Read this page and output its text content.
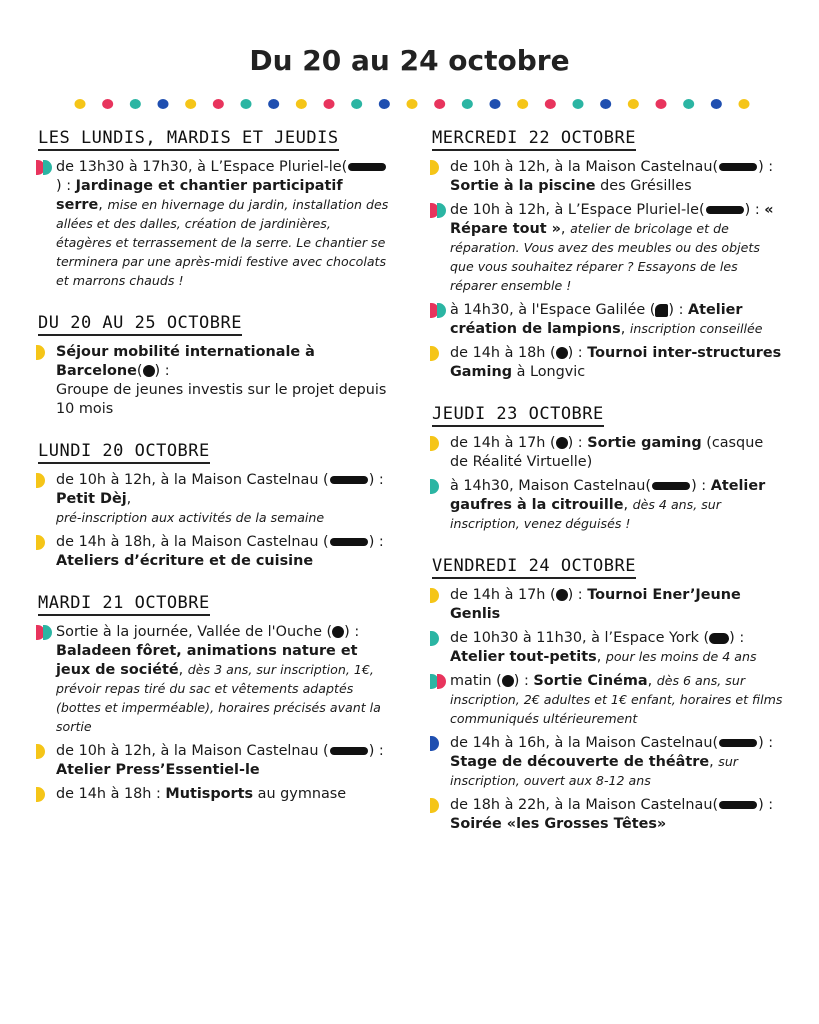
Du 20 au 24 octobre
LES LUNDIS, MARDIS ET JEUDIS
de 13h30 à 17h30, à L’Espace Pluriel-le() : Jardinage et chantier participatif serre, mise en hivernage du jardin, installation des allées et des dalles, création de jardinières, étagères et terrassement de la serre. Le chantier se terminera par une après-midi festive avec chocolats et marrons chauds !
DU 20 AU 25 OCTOBRE
Séjour mobilité internationale à Barcelone( ) :
Groupe de jeunes investis sur le projet depuis 10 mois
LUNDI 20 OCTOBRE
de 10h à 12h, à la Maison Castelnau (	) : Petit Dèj,
pré-inscription aux activités de la semaine
de 14h à 18h, à la Maison Castelnau (	) : Ateliers d’écriture et de cuisine
MARDI 21 OCTOBRE
Sortie à la journée, Vallée de l'Ouche ( ) : Baladeen fôret, animations nature et jeux de société, dès 3 ans, sur inscription, 1€, prévoir repas tiré du sac et vêtements adaptés (bottes et imperméable), horaires précisés avant la sortie
de 10h à 12h, à la Maison Castelnau (	) : Atelier Press’Essentiel-le
de 14h à 18h : Mutisports au gymnase
MERCREDI 22 OCTOBRE
de 10h à 12h, à la Maison Castelnau(	) : Sortie à la piscine des Grésilles
de 10h à 12h, à L’Espace Pluriel-le(	) : « Répare tout », atelier de bricolage et de réparation. Vous avez des meubles ou des objets que vous souhaitez réparer ? Essayons de les réparer ensemble !
à 14h30, à l'Espace Galilée ( ) : Atelier création de lampions, inscription conseillée
de 14h à 18h ( ) : Tournoi inter-structures Gaming à Longvic
JEUDI 23 OCTOBRE
de 14h à 17h ( ) : Sortie gaming (casque de Réalité Virtuelle)
à 14h30, Maison Castelnau(	) : Atelier gaufres à la citrouille, dès 4 ans, sur inscription, venez déguisés !
VENDREDI 24 OCTOBRE
de 14h à 17h ( ) : Tournoi Ener’Jeune Genlis
de 10h30 à 11h30, à l’Espace York ( ) : Atelier tout-petits, pour les moins de 4 ans
matin ( ) : Sortie Cinéma, dès 6 ans, sur inscription, 2€ adultes et 1€ enfant, horaires et films communiqués ultérieurement
de 14h à 16h, à la Maison Castelnau(	) : Stage de découverte de théâtre, sur inscription, ouvert aux 8-12 ans
de 18h à 22h, à la Maison Castelnau(	) : Soirée «les Grosses Têtes»
